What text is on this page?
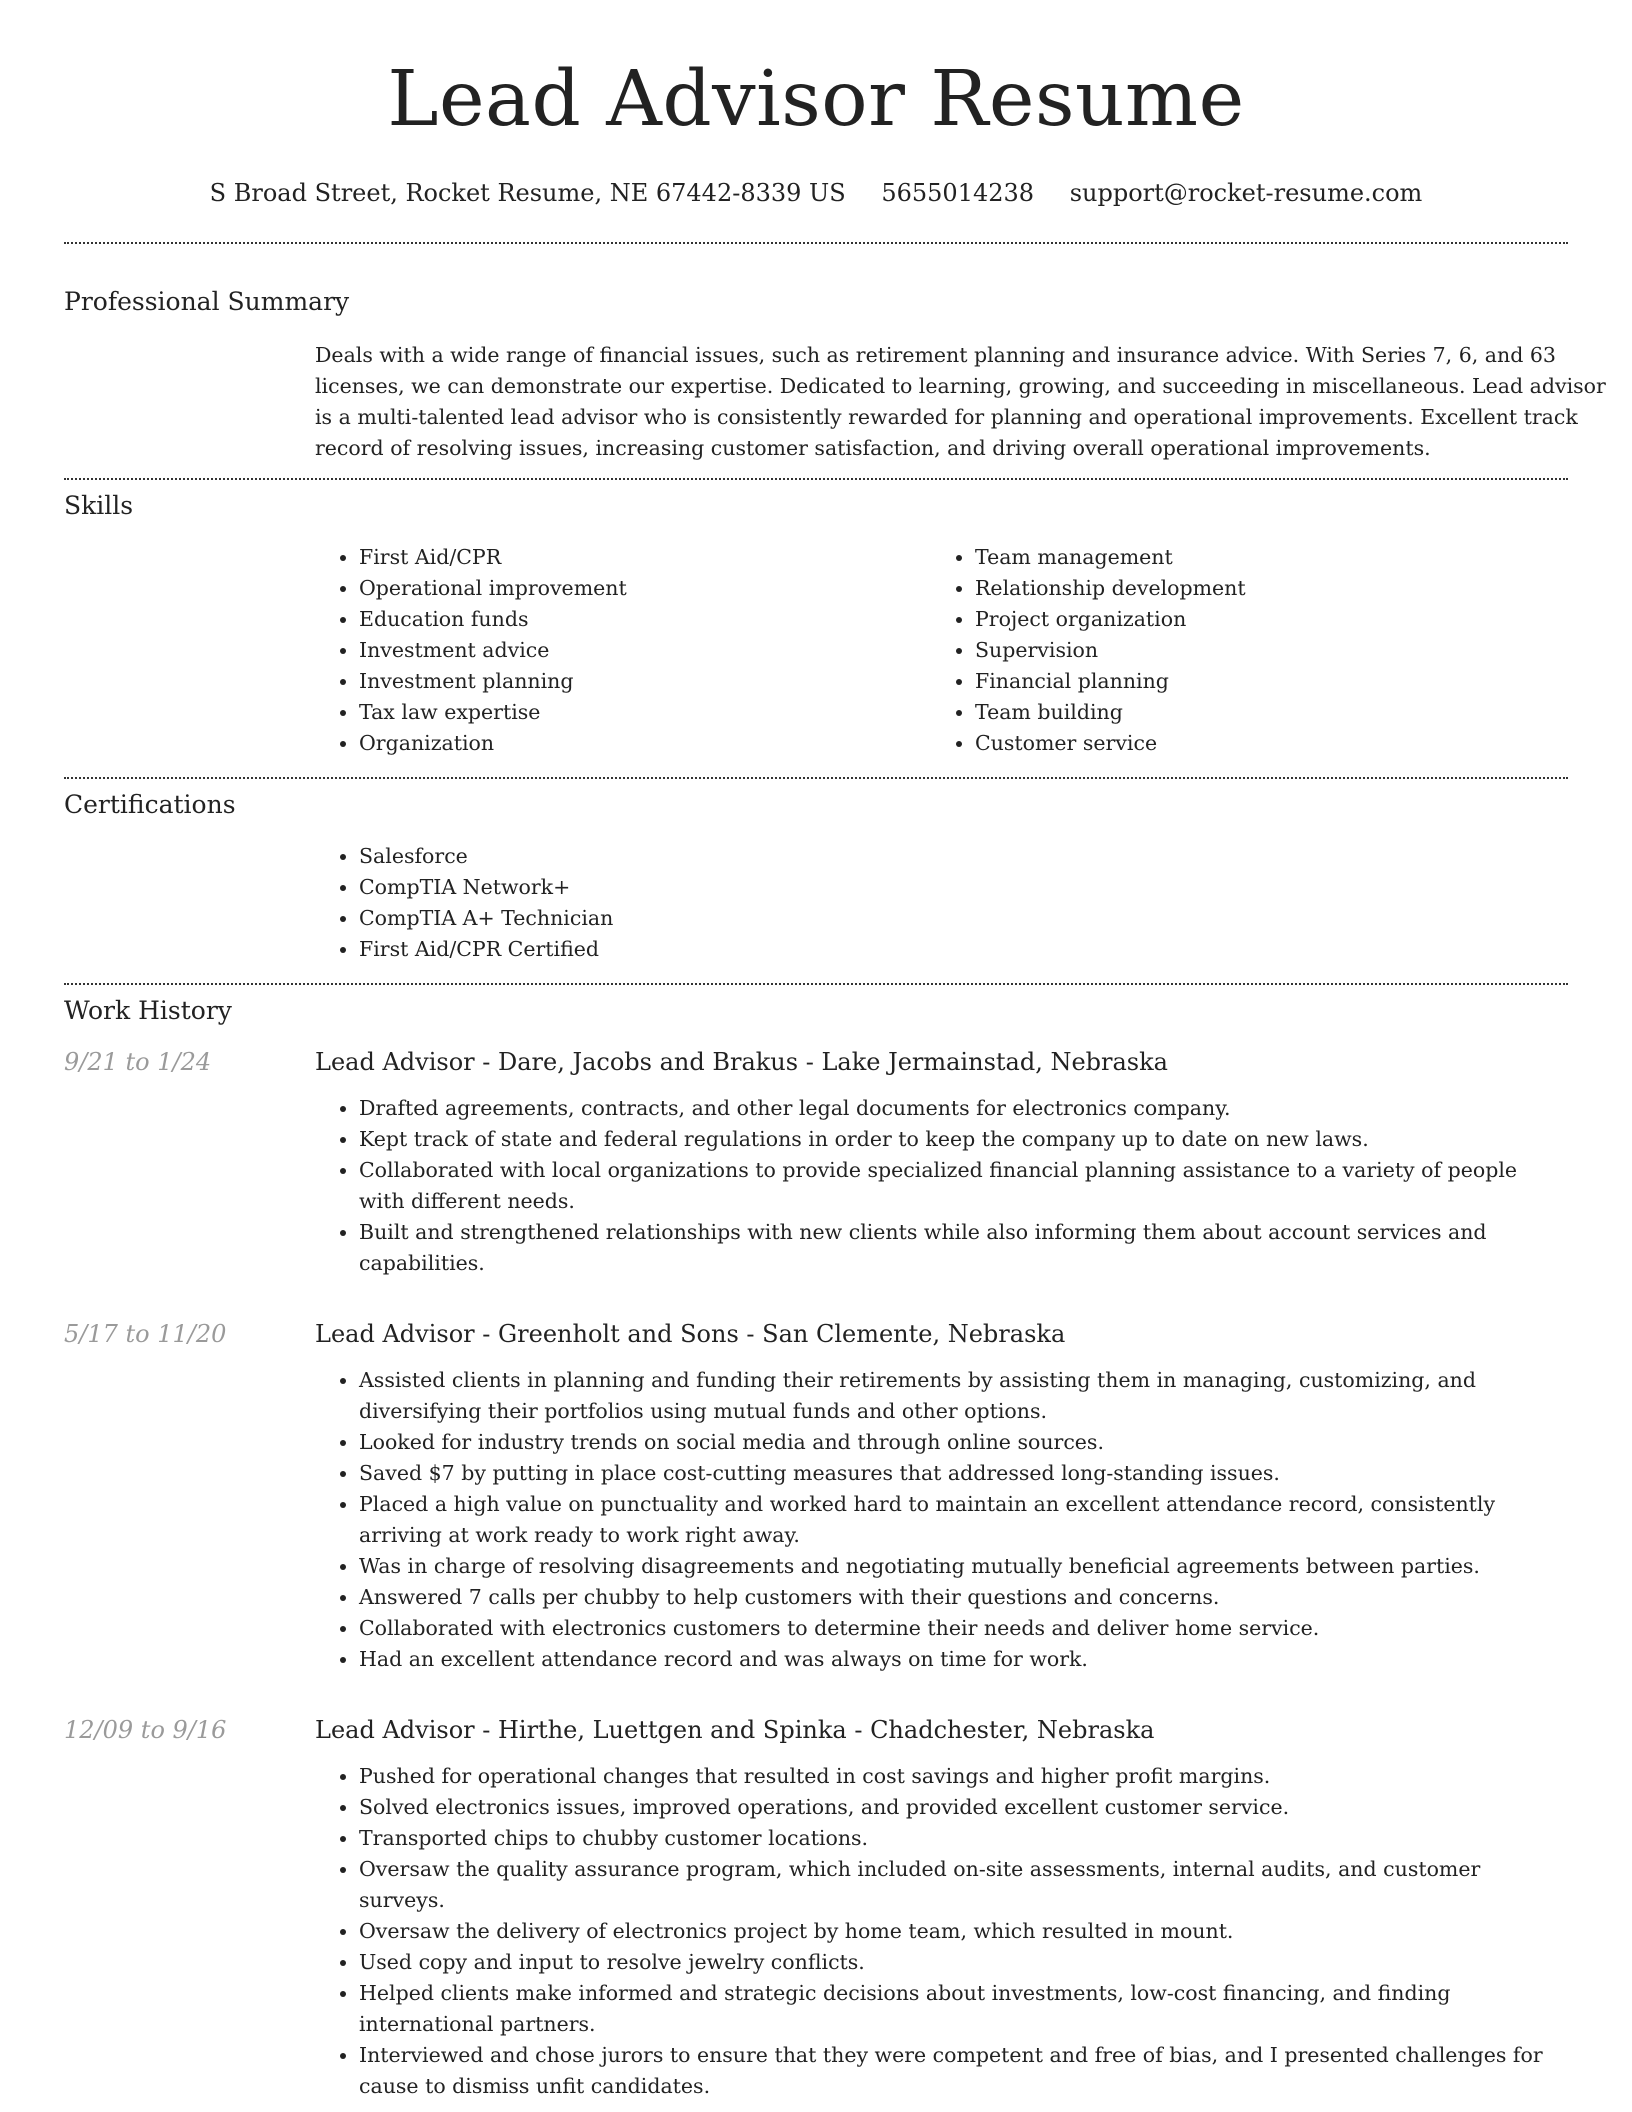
Lead Advisor Resume
S Broad Street, Rocket Resume, NE 67442-8339 US 5655014238 support@rocket-resume.com
Professional Summary

Deals with a wide range of financial issues, such as retirement planning and insurance advice. With Series 7, 6, and 63 licenses, we can demonstrate our expertise. Dedicated to learning, growing, and succeeding in miscellaneous. Lead advisor is a multi-talented lead advisor who is consistently rewarded for planning and operational improvements. Excellent track record of resolving issues, increasing customer satisfaction, and driving overall operational improvements.

Skills
• First Aid/CPR
• Operational improvement
• Education funds
• Investment advice
• Investment planning
• Tax law expertise
• Organization
• Team management
• Relationship development
• Project organization
• Supervision
• Financial planning
• Team building
• Customer service
Certifications
• Salesforce
• CompTIA Network+
• CompTIA A+ Technician
• First Aid/CPR Certified
Work History
9/21 to 1/24	Lead Advisor - Dare, Jacobs and Brakus - Lake Jermainstad, Nebraska
• Drafted agreements, contracts, and other legal documents for electronics company.
• Kept track of state and federal regulations in order to keep the company up to date on new laws.
• Collaborated with local organizations to provide specialized financial planning assistance to a variety of people with different needs.
• Built and strengthened relationships with new clients while also informing them about account services and capabilities.
5/17 to 11/20	Lead Advisor - Greenholt and Sons - San Clemente, Nebraska
• Assisted clients in planning and funding their retirements by assisting them in managing, customizing, and diversifying their portfolios using mutual funds and other options.
• Looked for industry trends on social media and through online sources.
• Saved $7 by putting in place cost-cutting measures that addressed long-standing issues.
• Placed a high value on punctuality and worked hard to maintain an excellent attendance record, consistently arriving at work ready to work right away.
• Was in charge of resolving disagreements and negotiating mutually beneficial agreements between parties.
• Answered 7 calls per chubby to help customers with their questions and concerns.
• Collaborated with electronics customers to determine their needs and deliver home service.
• Had an excellent attendance record and was always on time for work.
12/09 to 9/16	Lead Advisor - Hirthe, Luettgen and Spinka - Chadchester, Nebraska
• Pushed for operational changes that resulted in cost savings and higher profit margins.
• Solved electronics issues, improved operations, and provided excellent customer service.
• Transported chips to chubby customer locations.
• Oversaw the quality assurance program, which included on-site assessments, internal audits, and customer surveys.
• Oversaw the delivery of electronics project by home team, which resulted in mount.
• Used copy and input to resolve jewelry conflicts.
• Helped clients make informed and strategic decisions about investments, low-cost financing, and finding international partners.
• Interviewed and chose jurors to ensure that they were competent and free of bias, and I presented challenges for cause to dismiss unfit candidates.
